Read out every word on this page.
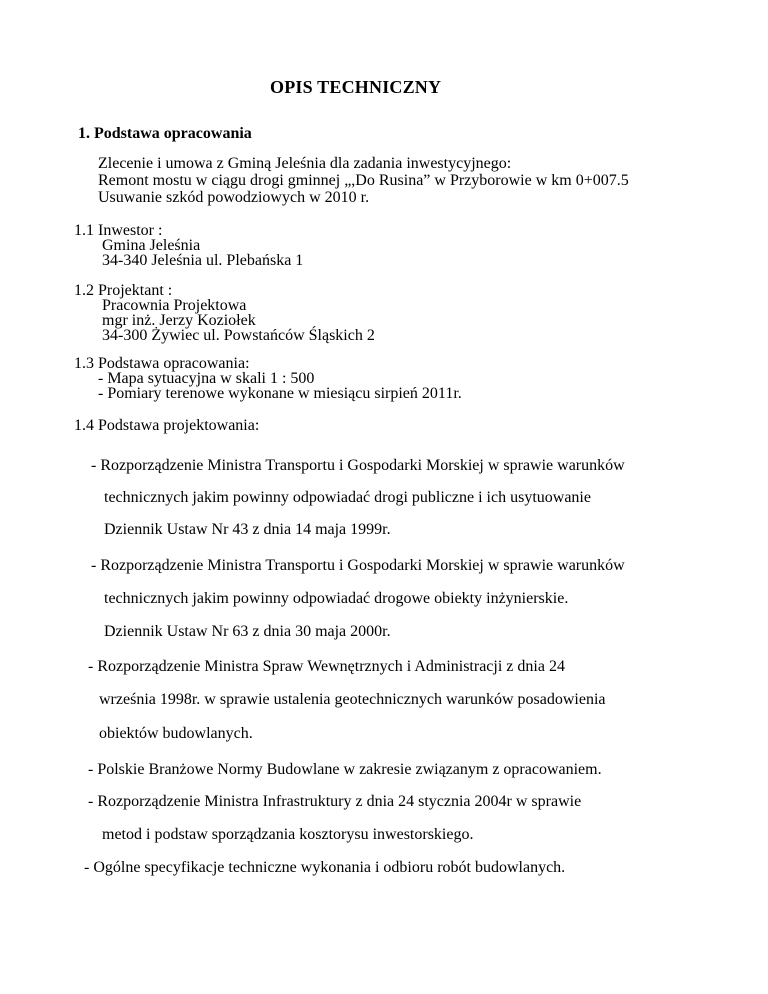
OPIS TECHNICZNY
1. Podstawa opracowania
Zlecenie i umowa z Gminą Jeleśnia dla zadania inwestycyjnego:
Remont mostu w ciągu drogi gminnej „,Do Rusina” w Przyborowie w km 0+007.5
Usuwanie szkód powodziowych w 2010 r.
1.1 Inwestor :
Gmina Jeleśnia
34-340 Jeleśnia ul. Plebańska 1
1.2 Projektant :
Pracownia Projektowa
mgr inż. Jerzy Koziołek
34-300 Żywiec ul. Powstańców Śląskich 2
1.3 Podstawa opracowania:
- Mapa sytuacyjna w skali 1 : 500
- Pomiary terenowe wykonane w miesiącu sirpień 2011r.
1.4 Podstawa projektowania:
- Rozporządzenie Ministra Transportu i Gospodarki Morskiej w sprawie warunków
technicznych jakim powinny odpowiadać drogi publiczne i ich usytuowanie
Dziennik Ustaw Nr 43 z dnia 14 maja 1999r.
- Rozporządzenie Ministra Transportu i Gospodarki Morskiej w sprawie warunków
technicznych jakim powinny odpowiadać drogowe obiekty inżynierskie.
Dziennik Ustaw Nr 63 z dnia 30 maja 2000r.
- Rozporządzenie Ministra Spraw Wewnętrznych i Administracji z dnia 24
września 1998r. w sprawie ustalenia geotechnicznych warunków posadowienia
obiektów budowlanych.
- Polskie Branżowe Normy Budowlane w zakresie związanym z opracowaniem.
- Rozporządzenie Ministra Infrastruktury z dnia 24 stycznia 2004r w sprawie
metod i podstaw sporządzania kosztorysu inwestorskiego.
- Ogólne specyfikacje techniczne wykonania i odbioru robót budowlanych.
